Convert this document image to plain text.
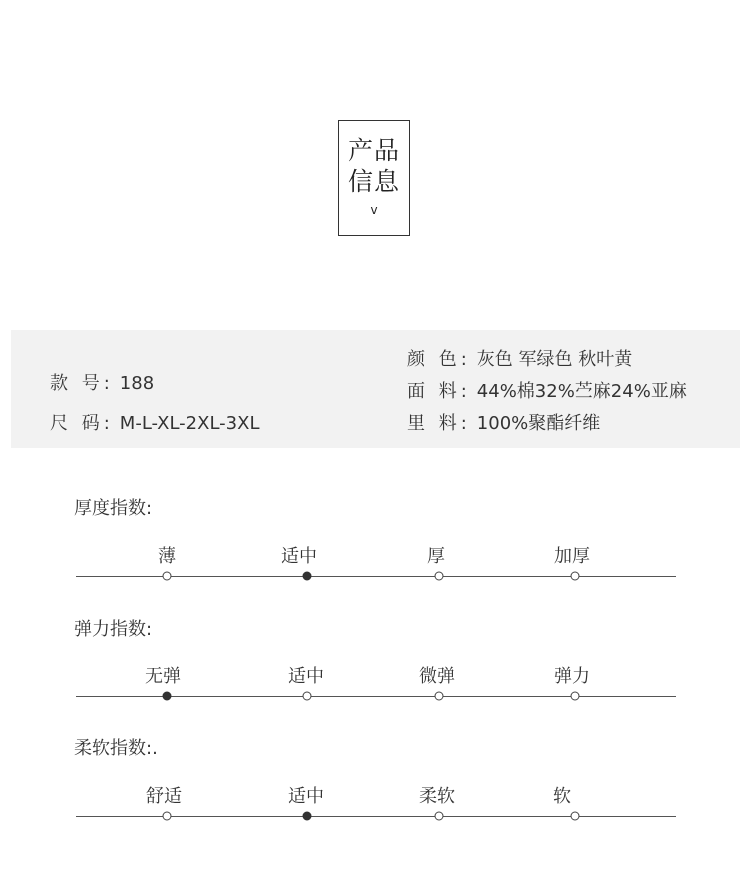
产品
信息
v
款 号: 188
尺 码: M-L-XL-2XL-3XL
颜 色: 灰色 军绿色 秋叶黄
面 料: 44%棉32%苎麻24%亚麻
里 料: 100%聚酯纤维
厚度指数:
薄	适中	厚	加厚
弹力指数:
无弹	适中	微弹	弹力
柔软指数:.
舒适	适中	柔软	软
